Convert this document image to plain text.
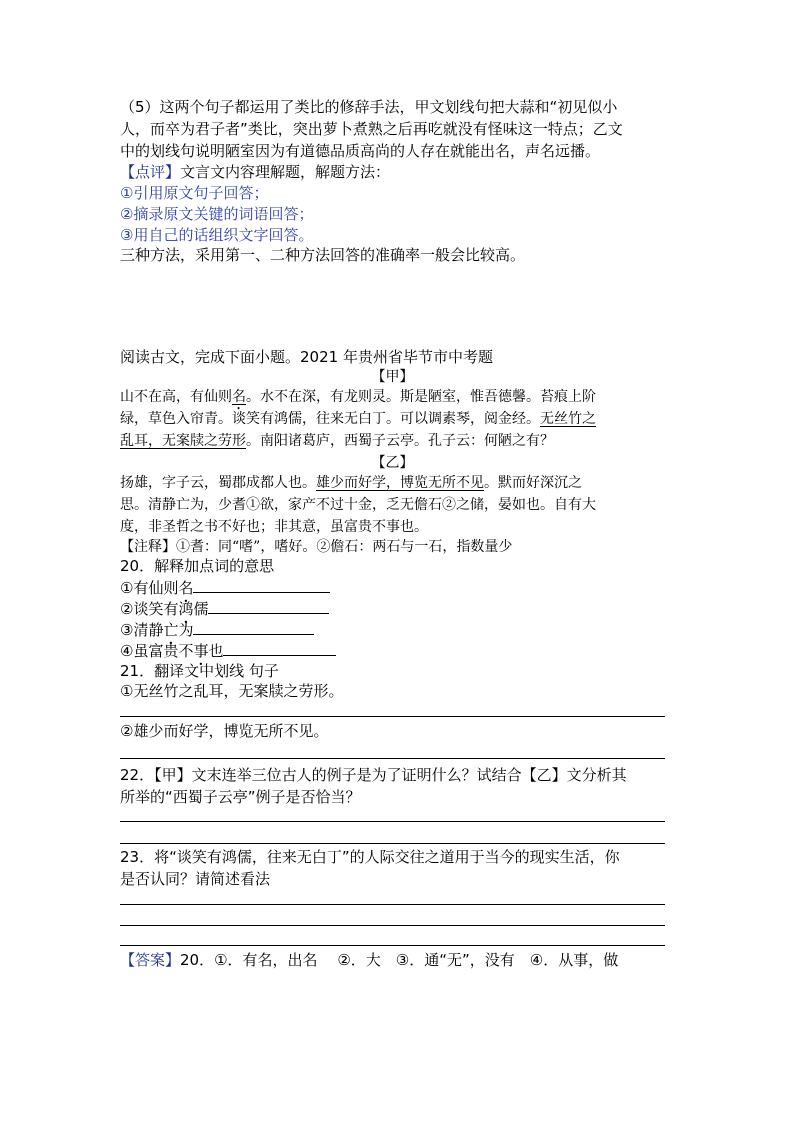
（5）这两个句子都运用了类比的修辞手法，甲文划线句把大蒜和“初见似小
人，而卒为君子者”类比，突出萝卜煮熟之后再吃就没有怪味这一特点；乙文
中的划线句说明陋室因为有道德品质高尚的人存在就能出名，声名远播。
【点评】文言文内容理解题，解题方法：
①引用原文句子回答；
②摘录原文关键的词语回答；
③用自己的话组织文字回答。
三种方法，采用第一、二种方法回答的准确率一般会比较高。
阅读古文，完成下面小题。2021 年贵州省毕节市中考题
【甲】
山不在高，有仙则名。水不在深，有龙则灵。斯是陋室，惟吾德馨。苔痕上阶
绿，草色入帘青。谈笑有鸿儒，往来无白丁。可以调素琴，阅金经。无丝竹之
乱耳，无案牍之劳形。南阳诸葛庐，西蜀子云亭。孔子云：何陋之有？
【乙】
扬雄，字子云，蜀郡成都人也。雄少而好学，博览无所不见。默而好深沉之
思。清静亡为，少耆①欲，家产不过十金，乏无儋石②之储，晏如也。自有大
度，非圣哲之书不好也；非其意，虽富贵不事也。
【注释】①耆：同“嗜”，嗜好。②儋石：两石与一石，指数量少
20．解释加点词的意思
①有仙则名
②谈笑有鸿儒
③清静亡为
④虽富贵不事也
21．翻译文中划线 句子
①无丝竹之乱耳，无案牍之劳形。
②雄少而好学，博览无所不见。
22．【甲】文末连举三位古人的例子是为了证明什么？试结合【乙】文分析其
所举的“西蜀子云亭”例子是否恰当？
23．将“谈笑有鸿儒，往来无白丁”的人际交往之道用于当今的现实生活，你
是否认同？请简述看法
【答案】20．①．有名，出名　 ②．大　③．通“无”，没有　④．从事，做
